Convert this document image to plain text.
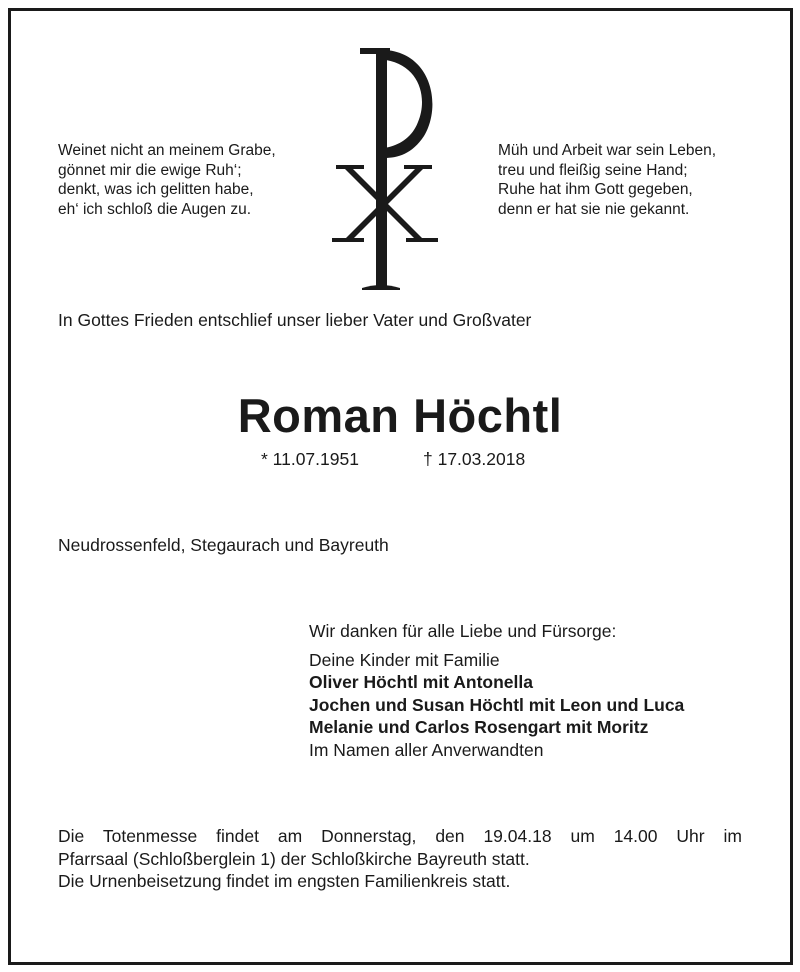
Weinet nicht an meinem Grabe,
gönnet mir die ewige Ruh‘;
denkt, was ich gelitten habe,
eh‘ ich schloß die Augen zu.
Müh und Arbeit war sein Leben,
treu und fleißig seine Hand;
Ruhe hat ihm Gott gegeben,
denn er hat sie nie gekannt.
In Gottes Frieden entschlief unser lieber Vater und Großvater
Roman Höchtl
* 11.07.1951	† 17.03.2018
Neudrossenfeld, Stegaurach und Bayreuth
Wir danken für alle Liebe und Fürsorge:
Deine Kinder mit Familie
Oliver Höchtl mit Antonella
Jochen und Susan Höchtl mit Leon und Luca
Melanie und Carlos Rosengart mit Moritz
Im Namen aller Anverwandten
Die Totenmesse findet am Donnerstag, den 19.04.18 um 14.00 Uhr im
Pfarrsaal (Schloßberglein 1) der Schloßkirche Bayreuth statt.
Die Urnenbeisetzung findet im engsten Familienkreis statt.
